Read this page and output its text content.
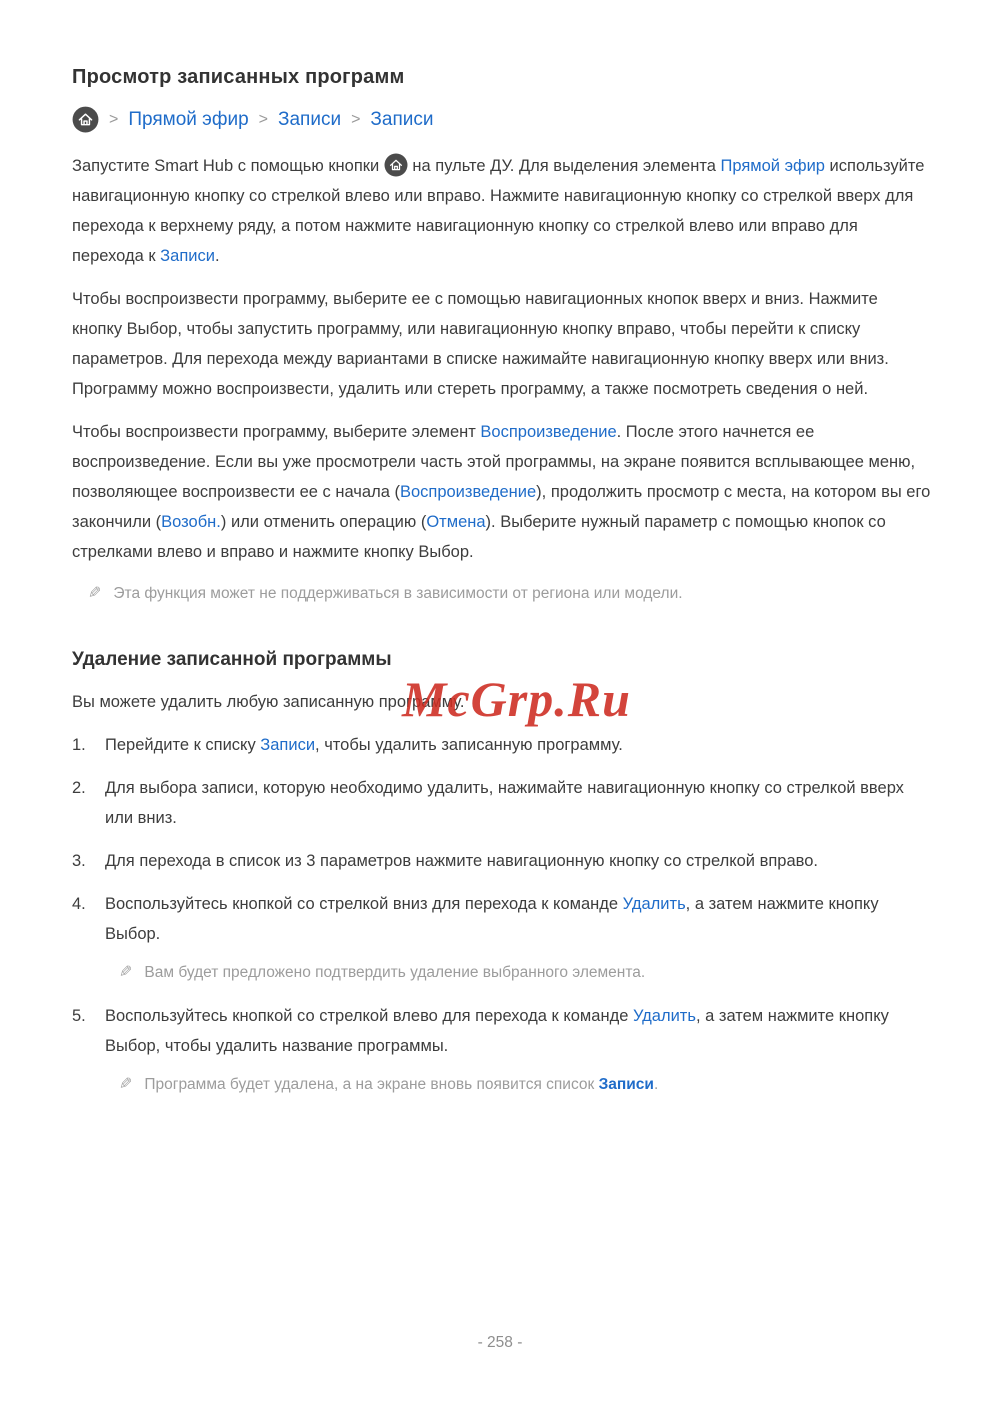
Просмотр записанных программ
> Прямой эфир > Записи > Записи

Запустите Smart Hub с помощью кнопки  на пульте ДУ. Для выделения элемента Прямой эфир используйте навигационную кнопку со стрелкой влево или вправо. Нажмите навигационную кнопку со стрелкой вверх для перехода к верхнему ряду, а потом нажмите навигационную кнопку со стрелкой влево или вправо для перехода к Записи.

Чтобы воспроизвести программу, выберите ее с помощью навигационных кнопок вверх и вниз. Нажмите кнопку Выбор, чтобы запустить программу, или навигационную кнопку вправо, чтобы перейти к списку параметров. Для перехода между вариантами в списке нажимайте навигационную кнопку вверх или вниз. Программу можно воспроизвести, удалить или стереть программу, а также посмотреть сведения о ней.

Чтобы воспроизвести программу, выберите элемент Воспроизведение. После этого начнется ее воспроизведение. Если вы уже просмотрели часть этой программы, на экране появится всплывающее меню, позволяющее воспроизвести ее с начала (Воспроизведение), продолжить просмотр с места, на котором вы его закончили (Возобн.) или отменить операцию (Отмена). Выберите нужный параметр с помощью кнопок со стрелками влево и вправо и нажмите кнопку Выбор.

✎ Эта функция может не поддерживаться в зависимости от региона или модели.
Удаление записанной программы

Вы можете удалить любую записанную программу.

1.	Перейдите к списку Записи, чтобы удалить записанную программу.
2.	Для выбора записи, которую необходимо удалить, нажимайте навигационную кнопку со стрелкой вверх или вниз.
3.	Для перехода в список из 3 параметров нажмите навигационную кнопку со стрелкой вправо.
4.	Воспользуйтесь кнопкой со стрелкой вниз для перехода к команде Удалить, а затем нажмите кнопку Выбор.
✎ Вам будет предложено подтвердить удаление выбранного элемента.
5.	Воспользуйтесь кнопкой со стрелкой влево для перехода к команде Удалить, а затем нажмите кнопку Выбор, чтобы удалить название программы.
✎ Программа будет удалена, а на экране вновь появится список Записи.
McGrp.Ru
- 258 -
